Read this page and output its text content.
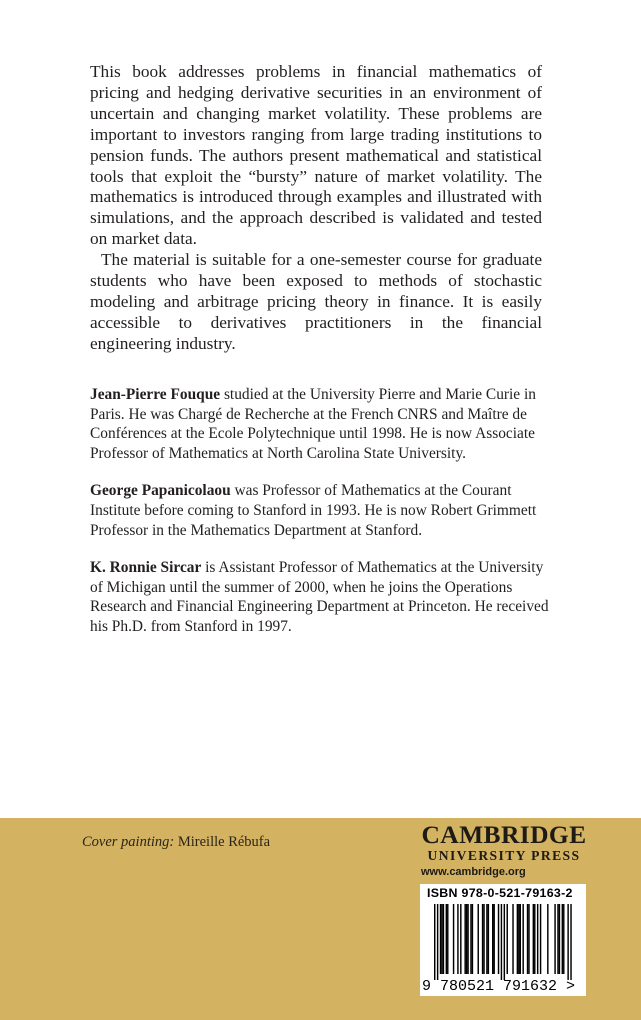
This book addresses problems in financial mathematics of pricing and hedging derivative securities in an environment of uncertain and changing market volatility. These problems are important to investors ranging from large trading institutions to pension funds. The authors present mathematical and statistical tools that exploit the “bursty” nature of market volatility. The mathematics is introduced through examples and illustrated with simulations, and the approach described is validated and tested on market data.

The material is suitable for a one-semester course for graduate students who have been exposed to methods of stochastic modeling and arbitrage pricing theory in finance. It is easily accessible to derivatives practitioners in the financial engineering industry.

Jean-Pierre Fouque studied at the University Pierre and Marie Curie in Paris. He was Chargé de Recherche at the French CNRS and Maître de Conférences at the Ecole Polytechnique until 1998. He is now Associate Professor of Mathematics at North Carolina State University.

George Papanicolaou was Professor of Mathematics at the Courant Institute before coming to Stanford in 1993. He is now Robert Grimmett Professor in the Mathematics Department at Stanford.

K. Ronnie Sircar is Assistant Professor of Mathematics at the University of Michigan until the summer of 2000, when he joins the Operations Research and Financial Engineering Department at Princeton. He received his Ph.D. from Stanford in 1997.

Cover painting: Mireille Rébufa	CAMBRIDGE
UNIVERSITY PRESS
www.cambridge.org
ISBN 978-0-521-79163-2
9 780521 791632 >
